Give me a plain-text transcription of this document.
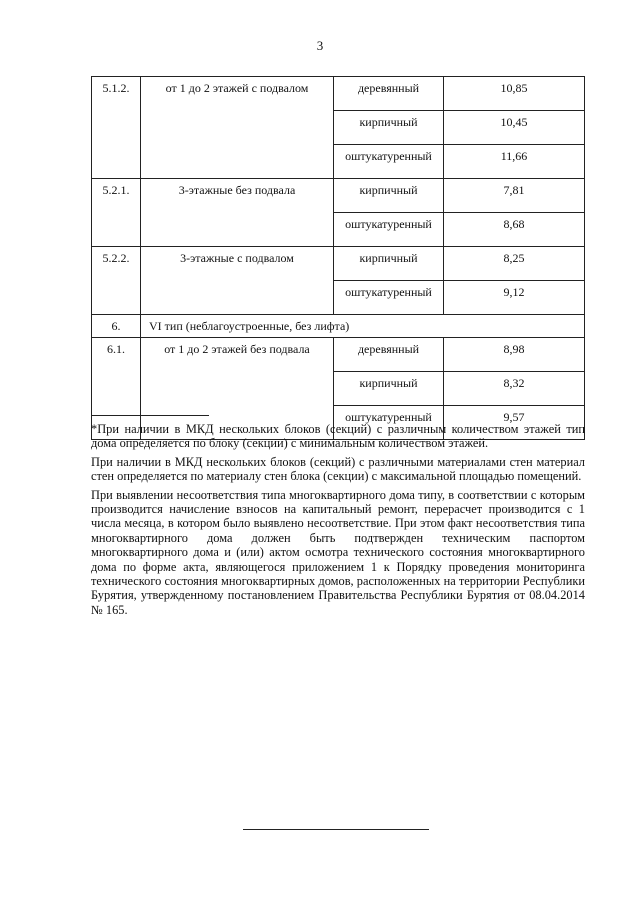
3
5.1.2.	от 1 до 2 этажей с подвалом	деревянный	10,85
		кирпичный	10,45
		оштукатуренный	11,66
5.2.1.	3-этажные без подвала	кирпичный	7,81
		оштукатуренный	8,68
5.2.2.	3-этажные с подвалом	кирпичный	8,25
		оштукатуренный	9,12
6.	VI тип (неблагоустроенные, без лифта)		
6.1.	от 1 до 2 этажей без подвала	деревянный	8,98
		кирпичный	8,32
		оштукатуренный	9,57

*При наличии в МКД нескольких блоков (секций) с различным количеством этажей тип дома определяется по блоку (секции) с минимальным количеством этажей.

При наличии в МКД нескольких блоков (секций) с различными материалами стен материал стен определяется по материалу стен блока (секции) с максимальной площадью помещений.

При выявлении несоответствия типа многоквартирного дома типу, в соответствии с которым производится начисление взносов на капитальный ремонт, перерасчет производится с 1 числа месяца, в котором было выявлено несоответствие. При этом факт несоответствия типа многоквартирного дома должен быть подтвержден техническим паспортом многоквартирного дома и (или) актом осмотра технического состояния многоквартирного дома по форме акта, являющегося приложением 1 к Порядку проведения мониторинга технического состояния многоквартирных домов, расположенных на территории Республики Бурятия, утвержденному постановлением Правительства Республики Бурятия от 08.04.2014 № 165.
